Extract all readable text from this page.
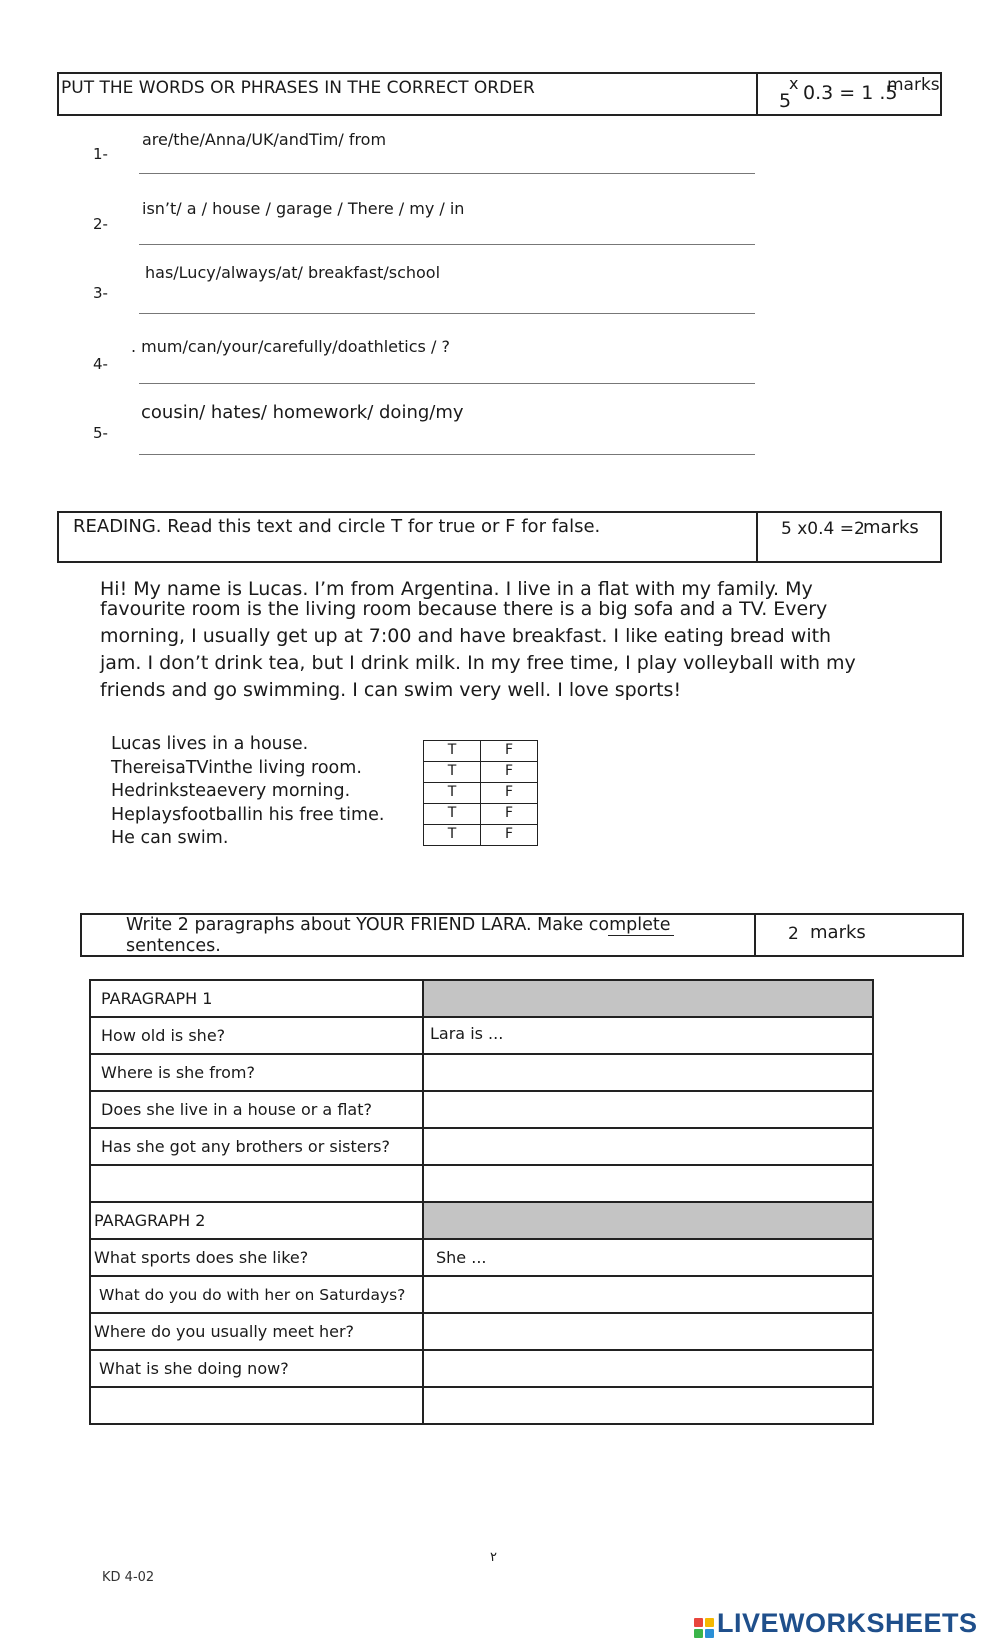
PUT THE WORDS OR PHRASES IN THE CORRECT ORDER
5
x 0.3 = 1 .5
marks
1-
are/the/Anna/UK/andTim/ from
2-
isn’t/ a / house / garage / There / my / in
3-
has/Lucy/always/at/ breakfast/school
4-
. mum/can/your/carefully/doathletics / ?
5-
cousin/ hates/ homework/ doing/my
READING. Read this text and circle T for true or F for false.	5 x0.4 =2
marks
Hi! My name is Lucas. I’m from Argentina. I live in a flat with my family. My
favourite room is the living room because there is a big sofa and a TV. Every
morning, I usually get up at 7:00 and have breakfast. I like eating bread with
jam. I don’t drink tea, but I drink milk. In my free time, I play volleyball with my
friends and go swimming. I can swim very well. I love sports!
Lucas lives in a house.
ThereisaTVinthe living room.
Hedrinksteaevery morning.
Heplaysfootballin his free time.
He can swim.
T	F
T	F
T	F
T	F
T	F
Write 2 paragraphs about YOUR FRIEND LARA. Make complete
sentences.
2 marks
PARAGRAPH 1	
How old is she?	Lara is ...
Where is she from?	
Does she live in a house or a flat?	
Has she got any brothers or sisters?	

PARAGRAPH 2	
What sports does she like?	She ...
What do you do with her on Saturdays?	
Where do you usually meet her?	
What is she doing now?	

٢
KD 4-02
LIVEWORKSHEETS
